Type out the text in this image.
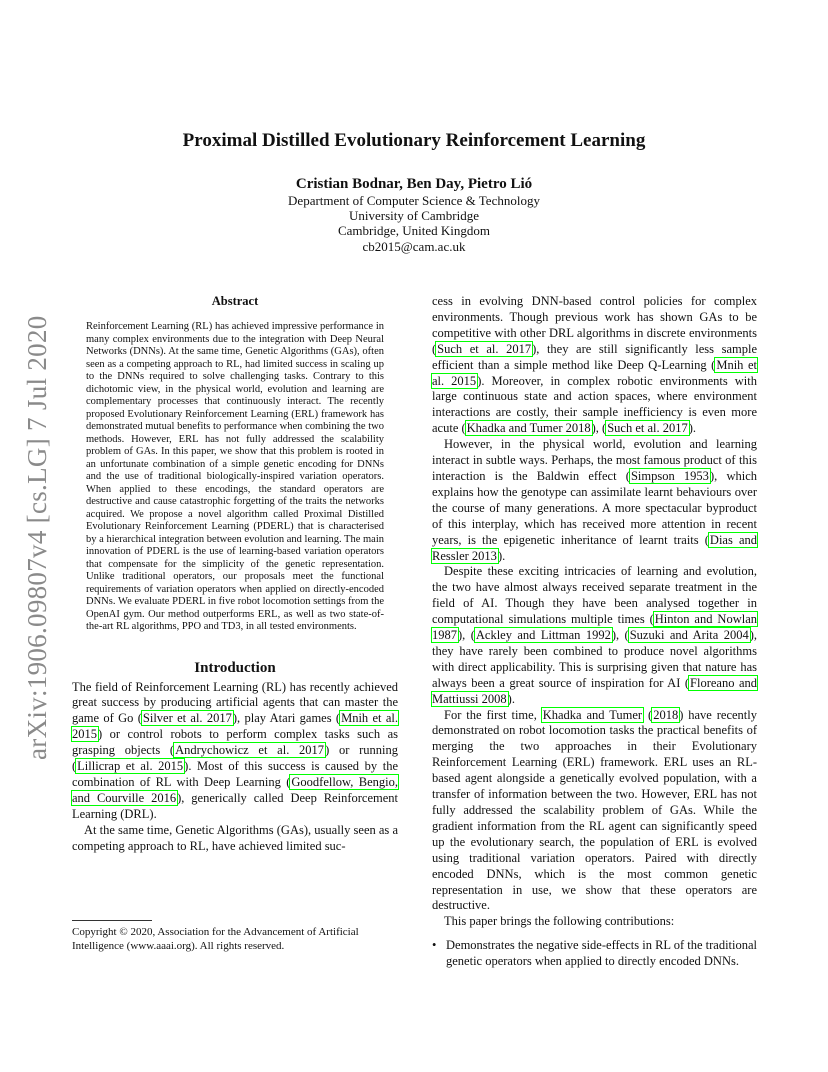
arXiv:1906.09807v4 [cs.LG] 7 Jul 2020
Proximal Distilled Evolutionary Reinforcement Learning
Cristian Bodnar, Ben Day, Pietro Lió
Department of Computer Science & Technology
University of Cambridge
Cambridge, United Kingdom
cb2015@cam.ac.uk
Abstract
Reinforcement Learning (RL) has achieved impressive performance in many complex environments due to the integration with Deep Neural Networks (DNNs). At the same time, Genetic Algorithms (GAs), often seen as a competing approach to RL, had limited success in scaling up to the DNNs required to solve challenging tasks. Contrary to this dichotomic view, in the physical world, evolution and learning are complementary processes that continuously interact. The recently proposed Evolutionary Reinforcement Learning (ERL) framework has demonstrated mutual benefits to performance when combining the two methods. However, ERL has not fully addressed the scalability problem of GAs. In this paper, we show that this problem is rooted in an unfortunate combination of a simple genetic encoding for DNNs and the use of traditional biologically-inspired variation operators. When applied to these encodings, the standard operators are destructive and cause catastrophic forgetting of the traits the networks acquired. We propose a novel algorithm called Proximal Distilled Evolutionary Reinforcement Learning (PDERL) that is characterised by a hierarchical integration between evolution and learning. The main innovation of PDERL is the use of learning-based variation operators that compensate for the simplicity of the genetic representation. Unlike traditional operators, our proposals meet the functional requirements of variation operators when applied on directly-encoded DNNs. We evaluate PDERL in five robot locomotion settings from the OpenAI gym. Our method outperforms ERL, as well as two state-of-the-art RL algorithms, PPO and TD3, in all tested environments.
Introduction

The field of Reinforcement Learning (RL) has recently achieved great success by producing artificial agents that can master the game of Go (Silver et al. 2017), play Atari games (Mnih et al. 2015) or control robots to perform complex tasks such as grasping objects (Andrychowicz et al. 2017) or running (Lillicrap et al. 2015). Most of this success is caused by the combination of RL with Deep Learning (Goodfellow, Bengio, and Courville 2016), generically called Deep Reinforcement Learning (DRL).

At the same time, Genetic Algorithms (GAs), usually seen as a competing approach to RL, have achieved limited suc-

Copyright © 2020, Association for the Advancement of Artificial Intelligence (www.aaai.org). All rights reserved.

cess in evolving DNN-based control policies for complex environments. Though previous work has shown GAs to be competitive with other DRL algorithms in discrete environments (Such et al. 2017), they are still significantly less sample efficient than a simple method like Deep Q-Learning (Mnih et al. 2015). Moreover, in complex robotic environments with large continuous state and action spaces, where environment interactions are costly, their sample inefficiency is even more acute (Khadka and Tumer 2018), (Such et al. 2017).

However, in the physical world, evolution and learning interact in subtle ways. Perhaps, the most famous product of this interaction is the Baldwin effect (Simpson 1953), which explains how the genotype can assimilate learnt behaviours over the course of many generations. A more spectacular byproduct of this interplay, which has received more attention in recent years, is the epigenetic inheritance of learnt traits (Dias and Ressler 2013).

Despite these exciting intricacies of learning and evolution, the two have almost always received separate treatment in the field of AI. Though they have been analysed together in computational simulations multiple times (Hinton and Nowlan 1987), (Ackley and Littman 1992), (Suzuki and Arita 2004), they have rarely been combined to produce novel algorithms with direct applicability. This is surprising given that nature has always been a great source of inspiration for AI (Floreano and Mattiussi 2008).

For the first time, Khadka and Tumer (2018) have recently demonstrated on robot locomotion tasks the practical benefits of merging the two approaches in their Evolutionary Reinforcement Learning (ERL) framework. ERL uses an RL-based agent alongside a genetically evolved population, with a transfer of information between the two. However, ERL has not fully addressed the scalability problem of GAs. While the gradient information from the RL agent can significantly speed up the evolutionary search, the population of ERL is evolved using traditional variation operators. Paired with directly encoded DNNs, which is the most common genetic representation in use, we show that these operators are destructive.

This paper brings the following contributions:

• Demonstrates the negative side-effects in RL of the traditional genetic operators when applied to directly encoded DNNs.
